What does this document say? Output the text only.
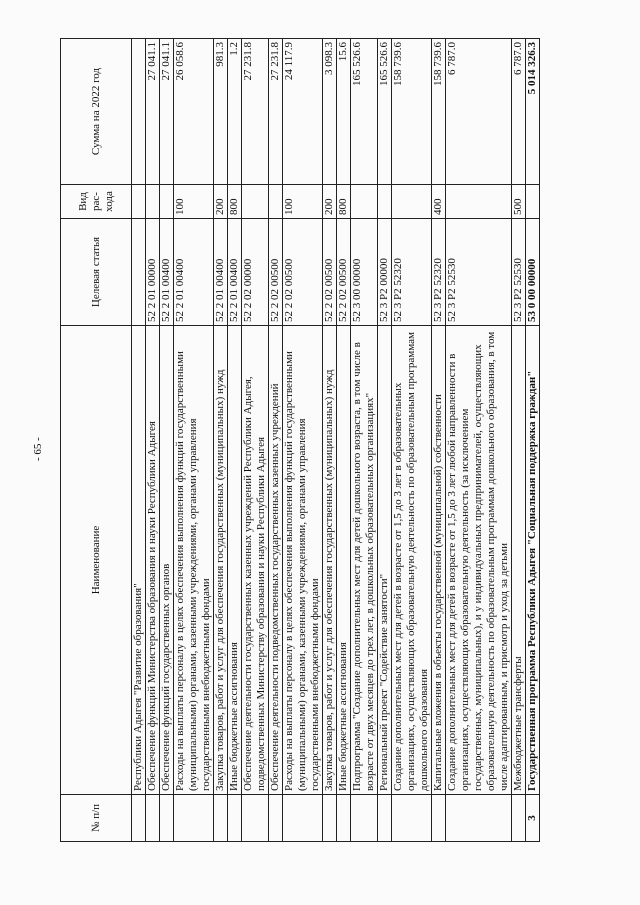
- 65 -
№ п/п	Наименование	Целевая статья	Вид рас-хода	Сумма на 2022 год
	Республики Адыгея "Развитие образования"			
	Обеспечение функций Министерства образования и науки Республики Адыгея	52 2 01 00000		27 041.1
	Обеспечение функций государственных органов	52 2 01 00400		27 041.1
	Расходы на выплаты персоналу в целях обеспечения выполнения функций государственными (муниципальными) органами, казенными учреждениями, органами управления государственными внебюджетными фондами	52 2 01 00400	100	26 058.6
	Закупка товаров, работ и услуг для обеспечения государственных (муниципальных) нужд	52 2 01 00400	200	981.3
	Иные бюджетные ассигнования	52 2 01 00400	800	1.2
	Обеспечение деятельности государственных казенных учреждений Республики Адыгея, подведомственных Министерству образования и науки Республики Адыгея	52 2 02 00000		27 231.8
	Обеспечение деятельности подведомственных государственных казенных учреждений	52 2 02 00500		27 231.8
	Расходы на выплаты персоналу в целях обеспечения выполнения функций государственными (муниципальными) органами, казенными учреждениями, органами управления государственными внебюджетными фондами	52 2 02 00500	100	24 117.9
	Закупка товаров, работ и услуг для обеспечения государственных (муниципальных) нужд	52 2 02 00500	200	3 098.3
	Иные бюджетные ассигнования	52 2 02 00500	800	15.6
	Подпрограмма "Создание дополнительных мест для детей дошкольного возраста, в том числе в возрасте от двух месяцев до трех лет, в дошкольных образовательных организациях"	52 3 00 00000		165 526.6
	Региональный проект "Содействие занятости"	52 3 P2 00000		165 526.6
	Создание дополнительных мест для детей в возрасте от 1,5 до 3 лет в образовательных организациях, осуществляющих образовательную деятельность по образовательным программам дошкольного образования	52 3 P2 52320		158 739.6
	Капитальные вложения в объекты государственной (муниципальной) собственности	52 3 P2 52320	400	158 739.6
	Создание дополнительных мест для детей в возрасте от 1,5 до 3 лет любой направленности в организациях, осуществляющих образовательную деятельность (за исключением государственных, муниципальных), и у индивидуальных предпринимателей, осуществляющих образовательную деятельность по образовательным программам дошкольного образования, в том числе адаптированным, и присмотр и уход за детьми	52 3 P2 52530		6 787.0
	Межбюджетные трансферты	52 3 P2 52530	500	6 787.0
3	Государственная программа Республики Адыгея "Социальная поддержка граждан"	53 0 00 00000		5 014 326.3
